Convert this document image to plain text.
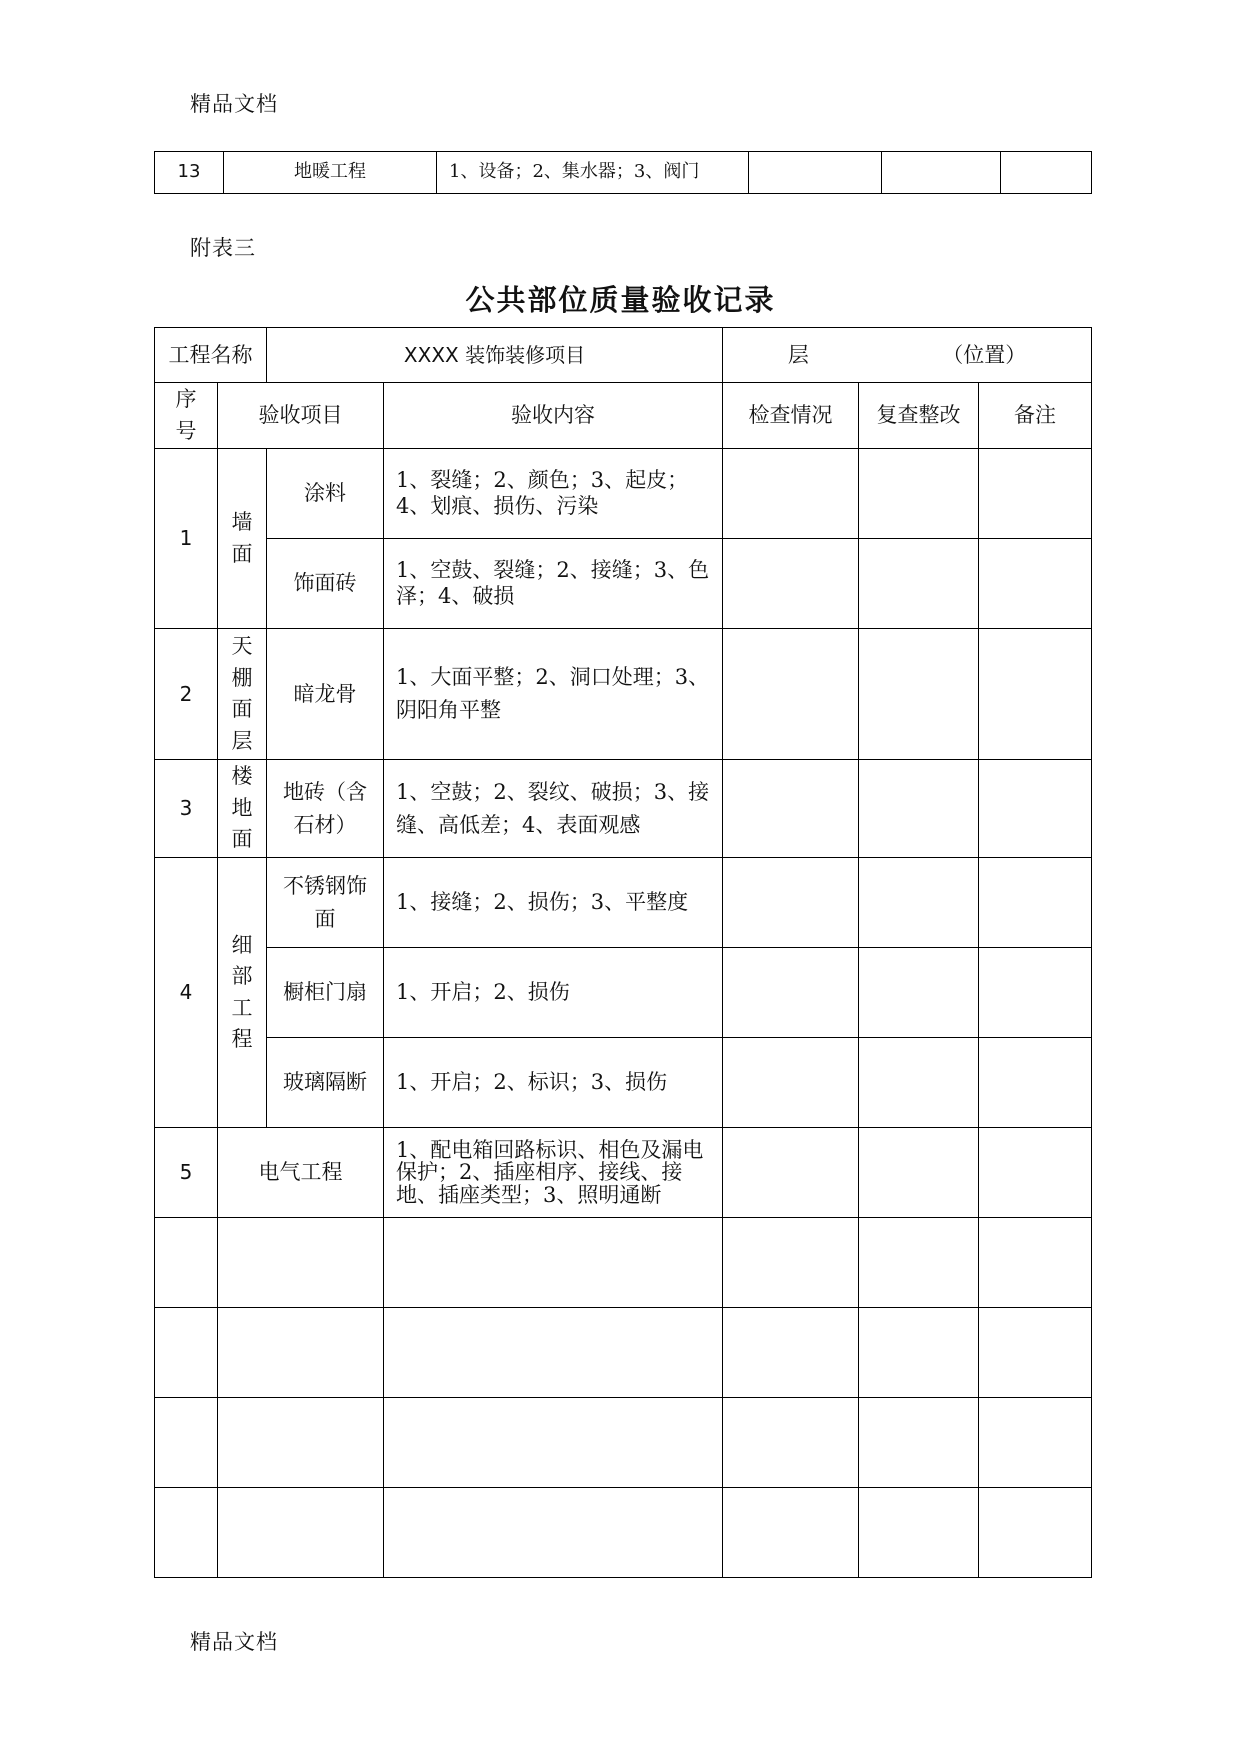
精品文档
13	地暖工程	1、设备；2、集水器；3、阀门			
附表三
公共部位质量验收记录
工程名称		XXXX 装饰装修项目		层 （位置）		
序号	验收项目		验收内容	检查情况	复查整改	备注
1	墙面	涂料	1、裂缝；2、颜色；3、起皮；4、划痕、损伤、污染			
		饰面砖	1、空鼓、裂缝；2、接缝；3、色泽；4、破损			
2	天棚面层	暗龙骨	1、大面平整；2、洞口处理；3、阴阳角平整			
3	楼地面	地砖（含石材）	1、空鼓；2、裂纹、破损；3、接缝、高低差；4、表面观感			
4	细部工程	不锈钢饰面	1、接缝；2、损伤；3、平整度			
		橱柜门扇	1、开启；2、损伤			
		玻璃隔断	1、开启；2、标识；3、损伤			
5	电气工程		1、配电箱回路标识、相色及漏电保护；2、插座相序、接线、接地、插座类型；3、照明通断			

精品文档
